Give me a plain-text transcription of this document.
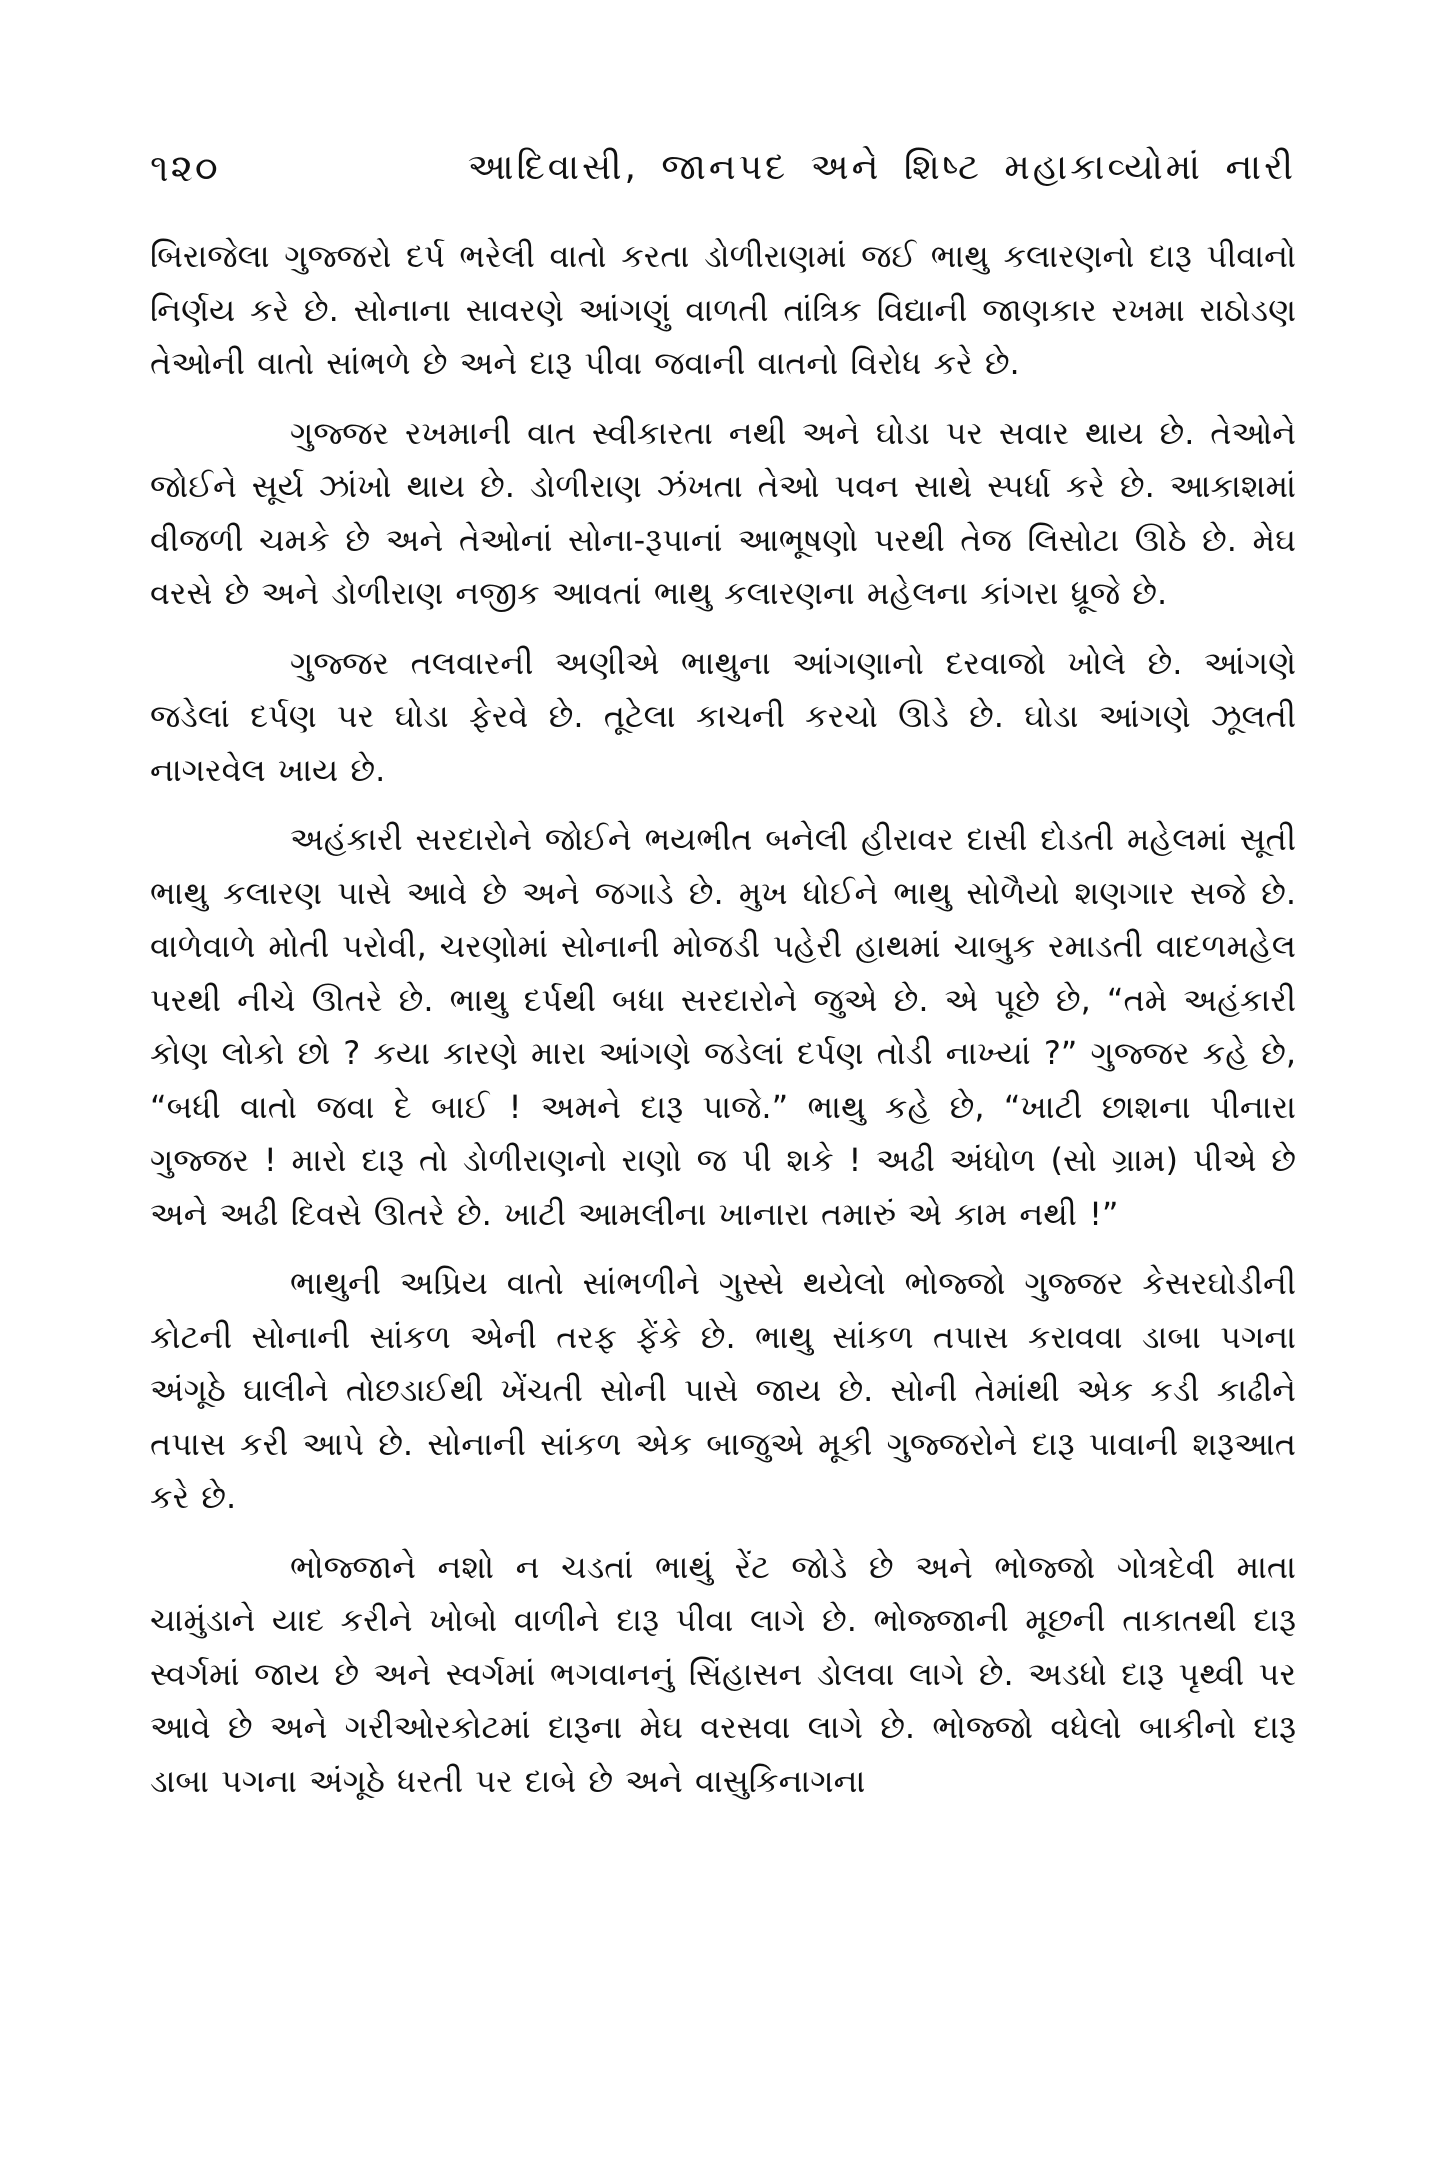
૧૨૦	આદિવાસી, જાનપદ અને શિષ્ટ મહાકાવ્યોમાં નારી

બિરાજેલા ગુજ્જરો દર્પ ભરેલી વાતો કરતા ડોળીરાણમાં જઈ ભાથુ કલારણનો દારૂ પીવાનો નિર્ણય કરે છે. સોનાના સાવરણે આંગણું વાળતી તાંત્રિક વિદ્યાની જાણકાર રખમા રાઠોડણ તેઓની વાતો સાંભળે છે અને દારૂ પીવા જવાની વાતનો વિરોધ કરે છે.

ગુજ્જર રખમાની વાત સ્વીકારતા નથી અને ઘોડા પર સવાર થાય છે. તેઓને જોઈને સૂર્ય ઝાંખો થાય છે. ડોળીરાણ ઝંખતા તેઓ પવન સાથે સ્પર્ધા કરે છે. આકાશમાં વીજળી ચમકે છે અને તેઓનાં સોના-રૂપાનાં આભૂષણો પરથી તેજ લિસોટા ઊઠે છે. મેઘ વરસે છે અને ડોળીરાણ નજીક આવતાં ભાથુ કલારણના મહેલના કાંગરા ધ્રૂજે છે.

ગુજ્જર તલવારની અણીએ ભાથુના આંગણાનો દરવાજો ખોલે છે. આંગણે જડેલાં દર્પણ પર ઘોડા ફેરવે છે. તૂટેલા કાચની કરચો ઊડે છે. ઘોડા આંગણે ઝૂલતી નાગરવેલ ખાય છે.

અહંકારી સરદારોને જોઈને ભયભીત બનેલી હીરાવર દાસી દોડતી મહેલમાં સૂતી ભાથુ કલારણ પાસે આવે છે અને જગાડે છે. મુખ ધોઈને ભાથુ સોળૈયો શણગાર સજે છે. વાળેવાળે મોતી પરોવી, ચરણોમાં સોનાની મોજડી પહેરી હાથમાં ચાબુક રમાડતી વાદળમહેલ પરથી નીચે ઊતરે છે. ભાથુ દર્પથી બધા સરદારોને જુએ છે. એ પૂછે છે, “તમે અહંકારી કોણ લોકો છો ? કયા કારણે મારા આંગણે જડેલાં દર્પણ તોડી નાખ્યાં ?” ગુજ્જર કહે છે, “બધી વાતો જવા દે બાઈ ! અમને દારૂ પાજે.” ભાથુ કહે છે, “ખાટી છાશના પીનારા ગુજ્જર ! મારો દારૂ તો ડોળીરાણનો રાણો જ પી શકે ! અઢી અંધોળ (સો ગ્રામ) પીએ છે અને અઢી દિવસે ઊતરે છે. ખાટી આમલીના ખાનારા તમારું એ કામ નથી !”

ભાથુની અપ્રિય વાતો સાંભળીને ગુસ્સે થયેલો ભોજ્જો ગુજ્જર કેસરઘોડીની કોટની સોનાની સાંકળ એની તરફ ફેંકે છે. ભાથુ સાંકળ તપાસ કરાવવા ડાબા પગના અંગૂઠે ઘાલીને તોછડાઈથી ખેંચતી સોની પાસે જાય છે. સોની તેમાંથી એક કડી કાઢીને તપાસ કરી આપે છે. સોનાની સાંકળ એક બાજુએ મૂકી ગુજ્જરોને દારૂ પાવાની શરૂઆત કરે છે.

ભોજ્જાને નશો ન ચડતાં ભાથું રેંટ જોડે છે અને ભોજ્જો ગોત્રદેવી માતા ચામુંડાને યાદ કરીને ખોબો વાળીને દારૂ પીવા લાગે છે. ભોજ્જાની મૂછની તાકાતથી દારૂ સ્વર્ગમાં જાય છે અને સ્વર્ગમાં ભગવાનનું સિંહાસન ડોલવા લાગે છે. અડધો દારૂ પૃથ્વી પર આવે છે અને ગરીઓરકોટમાં દારૂના મેઘ વરસવા લાગે છે. ભોજ્જો વધેલો બાકીનો દારૂ ડાબા પગના અંગૂઠે ધરતી પર દાબે છે અને વાસુકિનાગના
